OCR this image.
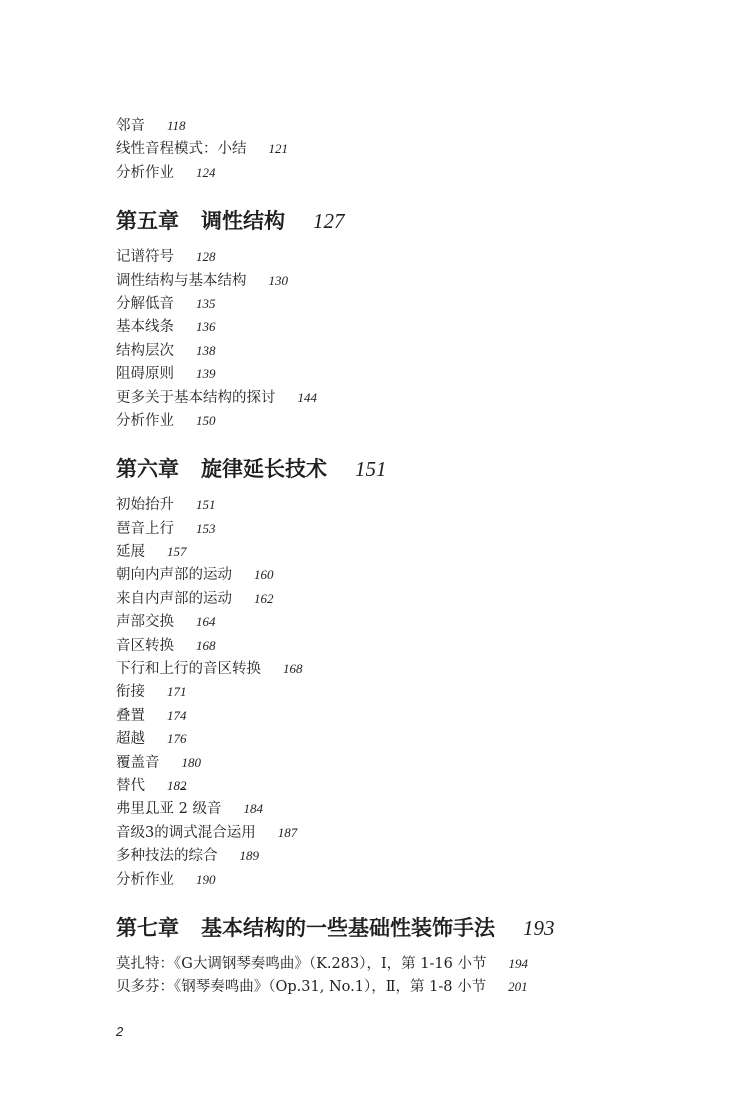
邻音 118
线性音程模式：小结 121
分析作业 124
第五章 调性结构 127
记谱符号 128
调性结构与基本结构 130
分解低音 135
基本线条 136
结构层次 138
阻碍原则 139
更多关于基本结构的探讨 144
分析作业 150
第六章 旋律延长技术 151
初始抬升 151
琶音上行 153
延展 157
朝向内声部的运动 160
来自内声部的运动 162
声部交换 164
音区转换 168
下行和上行的音区转换 168
衔接 171
叠置 174
超越 176
覆盖音 180
替代 182
弗里几亚 ^ 2 级音 184
音级^ 3的调式混合运用 187
多种技法的综合 189
分析作业 190
第七章 基本结构的一些基础性装饰手法 193
莫扎特：《G大调钢琴奏鸣曲》（K.283），Ⅰ，第 1-16 小节 194
贝多芬：《钢琴奏鸣曲》（Op.31, No.1），Ⅱ，第 1-8 小节 201
2
